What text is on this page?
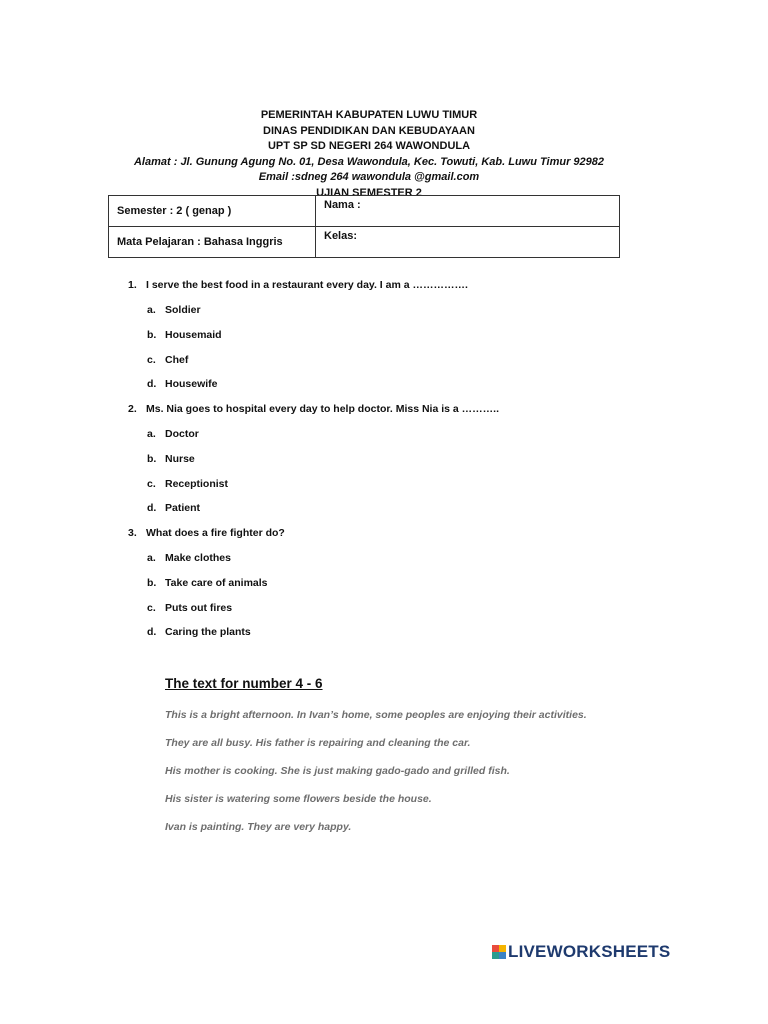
PEMERINTAH KABUPATEN LUWU TIMUR
DINAS PENDIDIKAN DAN KEBUDAYAAN
UPT SP SD NEGERI 264 WAWONDULA
Alamat : Jl. Gunung Agung No. 01, Desa Wawondula, Kec. Towuti, Kab. Luwu Timur 92982
Email :sdneg 264 wawondula @gmail.com
UJIAN SEMESTER 2
Semester : 2 ( genap )	Nama :
Mata Pelajaran : Bahasa Inggris	Kelas:
1. I serve the best food in a restaurant every day. I am a …………….
a. Soldier
b. Housemaid
c. Chef
d. Housewife
2. Ms. Nia goes to hospital every day to help doctor. Miss Nia is a ………..
a. Doctor
b. Nurse
c. Receptionist
d. Patient
3. What does a fire fighter do?
a. Make clothes
b. Take care of animals
c. Puts out fires
d. Caring the plants
The text for number 4 - 6
This is a bright afternoon. In Ivan’s home, some peoples are enjoying their activities.
They are all busy. His father is repairing and cleaning the car.
His mother is cooking. She is just making gado-gado and grilled fish.
His sister is watering some flowers beside the house.
Ivan is painting. They are very happy.
LIVEWORKSHEETS
